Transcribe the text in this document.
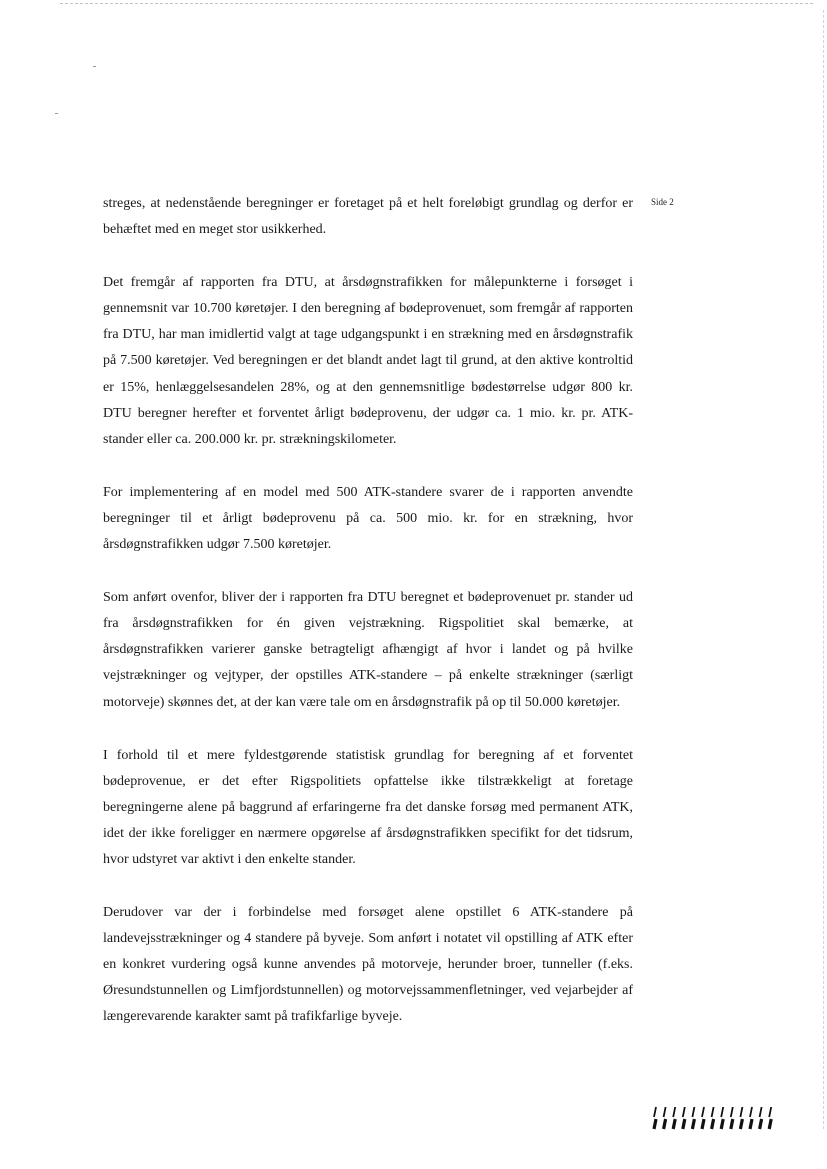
Side 2

streges, at nedenstående beregninger er foretaget på et helt foreløbigt grundlag og derfor er behæftet med en meget stor usikkerhed.

Det fremgår af rapporten fra DTU, at årsdøgnstrafikken for målepunkterne i forsøget i gennemsnit var 10.700 køretøjer. I den beregning af bødeprovenuet, som fremgår af rapporten fra DTU, har man imidlertid valgt at tage udgangspunkt i en strækning med en årsdøgnstrafik på 7.500 køretøjer. Ved beregningen er det blandt andet lagt til grund, at den aktive kontroltid er 15%, henlæggelsesandelen 28%, og at den gennemsnitlige bødestørrelse udgør 800 kr. DTU beregner herefter et forventet årligt bødeprovenu, der udgør ca. 1 mio. kr. pr. ATK-stander eller ca. 200.000 kr. pr. strækningskilometer.

For implementering af en model med 500 ATK-standere svarer de i rapporten anvendte beregninger til et årligt bødeprovenu på ca. 500 mio. kr. for en strækning, hvor årsdøgnstrafikken udgør 7.500 køretøjer.

Som anført ovenfor, bliver der i rapporten fra DTU beregnet et bødeprovenuet pr. stander ud fra årsdøgnstrafikken for én given vejstrækning. Rigspolitiet skal bemærke, at årsdøgnstrafikken varierer ganske betragteligt afhængigt af hvor i landet og på hvilke vejstrækninger og vejtyper, der opstilles ATK-standere – på enkelte strækninger (særligt motorveje) skønnes det, at der kan være tale om en årsdøgnstrafik på op til 50.000 køretøjer.

I forhold til et mere fyldestgørende statistisk grundlag for beregning af et forventet bødeprovenue, er det efter Rigspolitiets opfattelse ikke tilstrækkeligt at foretage beregningerne alene på baggrund af erfaringerne fra det danske forsøg med permanent ATK, idet der ikke foreligger en nærmere opgørelse af årsdøgnstrafikken specifikt for det tidsrum, hvor udstyret var aktivt i den enkelte stander.

Derudover var der i forbindelse med forsøget alene opstillet 6 ATK-standere på landevejsstrækninger og 4 standere på byveje. Som anført i notatet vil opstilling af ATK efter en konkret vurdering også kunne anvendes på motorveje, herunder broer, tunneller (f.eks. Øresundstunnellen og Limfjordstunnellen) og motorvejssammenfletninger, ved vejarbejder af længerevarende karakter samt på trafikfarlige byveje.
